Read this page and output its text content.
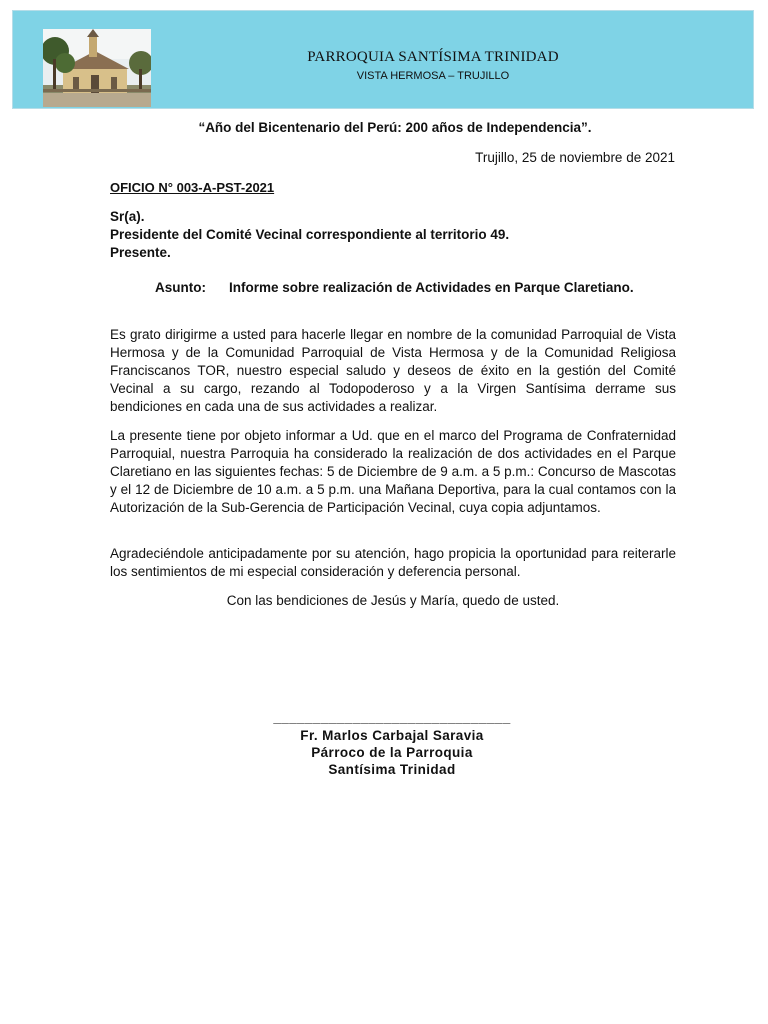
PARROQUIA SANTÍSIMA TRINIDAD
VISTA HERMOSA – TRUJILLO
“Año del Bicentenario del Perú: 200 años de Independencia”.
Trujillo, 25 de noviembre de 2021
OFICIO N° 003-A-PST-2021
Sr(a).
Presidente del Comité Vecinal correspondiente al territorio 49.
Presente.
Asunto: Informe sobre realización de Actividades en Parque Claretiano.
Es grato dirigirme a usted para hacerle llegar en nombre de la comunidad Parroquial de Vista Hermosa y de la Comunidad Parroquial de Vista Hermosa y de la Comunidad Religiosa Franciscanos TOR, nuestro especial saludo y deseos de éxito en la gestión del Comité Vecinal a su cargo, rezando al Todopoderoso y a la Virgen Santísima derrame sus bendiciones en cada una de sus actividades a realizar.
La presente tiene por objeto informar a Ud. que en el marco del Programa de Confraternidad Parroquial, nuestra Parroquia ha considerado la realización de dos actividades en el Parque Claretiano en las siguientes fechas: 5 de Diciembre de 9 a.m. a 5 p.m.: Concurso de Mascotas y el 12 de Diciembre de 10 a.m. a 5 p.m. una Mañana Deportiva, para la cual contamos con la Autorización de la Sub-Gerencia de Participación Vecinal, cuya copia adjuntamos.
Agradeciéndole anticipadamente por su atención, hago propicia la oportunidad para reiterarle los sentimientos de mi especial consideración y deferencia personal.
Con las bendiciones de Jesús y María, quedo de usted.
______________________________
Fr. Marlos Carbajal Saravia
Párroco de la Parroquia
Santísima Trinidad
